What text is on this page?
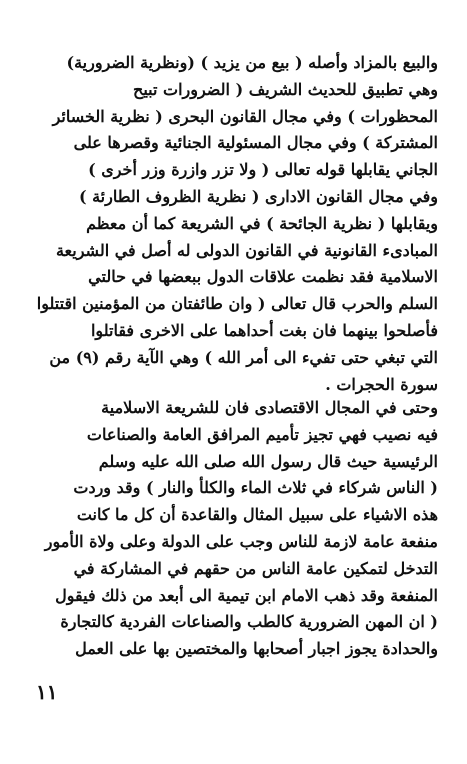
والبيع بالمزاد وأصله ( بيع من يزيد ) (ونظرية الضرورية)
وهي تطبيق للحديث الشريف ( الضرورات تبيح
المحظورات ) وفي مجال القانون البحرى ( نظرية الخسائر
المشتركة ) وفي مجال المسئولية الجنائية وقصرها على
الجاني يقابلها قوله تعالى ( ولا تزر وازرة وزر أخرى )
وفي مجال القانون الادارى ( نظرية الظروف الطارئة )
ويقابلها ( نظرية الجائحة ) في الشريعة كما أن معظم
المبادىء القانونية في القانون الدولى له أصل في الشريعة
الاسلامية فقد نظمت علاقات الدول ببعضها في حالتي
السلم والحرب قال تعالى ( وان طائفتان من المؤمنين اقتتلوا
فأصلحوا بينهما فان بغت أحداهما على الاخرى فقاتلوا
التي تبغي حتى تفيء الى أمر الله ) وهي الآية رقم (٩) من
سورة الحجرات .
وحتى في المجال الاقتصادى فان للشريعة الاسلامية
فيه نصيب فهي تجيز تأميم المرافق العامة والصناعات
الرئيسية حيث قال رسول الله صلى الله عليه وسلم
( الناس شركاء في ثلاث الماء والكلأ والنار ) وقد وردت
هذه الاشياء على سبيل المثال والقاعدة أن كل ما كانت
منفعة عامة لازمة للناس وجب على الدولة وعلى ولاة الأمور
التدخل لتمكين عامة الناس من حقهم في المشاركة في
المنفعة وقد ذهب الامام ابن تيمية الى أبعد من ذلك فيقول
( ان المهن الضرورية كالطب والصناعات الفردية كالتجارة
والحدادة يجوز اجبار أصحابها والمختصين بها على العمل
١١
